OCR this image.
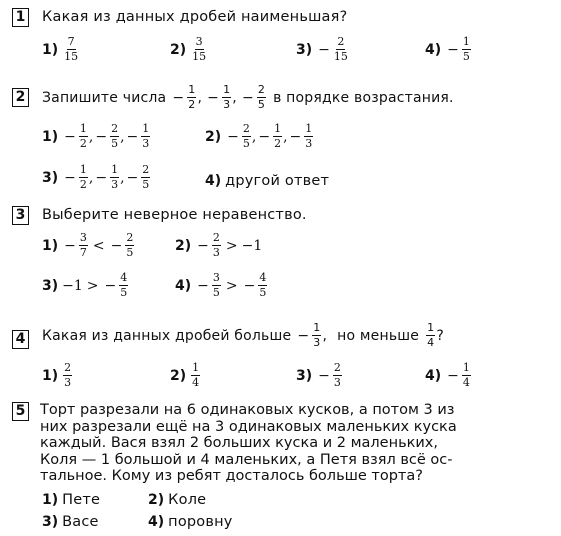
1 Какая из данных дробей наименьшая?
$1) \frac{7}{15}$	$2) \frac{3}{15}$	$3) - \frac{2}{15}$	$4) - \frac{1}{5}$
2 Запишите числа − $\frac{1}{2}$ , − $\frac{1}{3}$ , − $\frac{2}{5}$ в порядке возрастания.
$1) - \frac{1}{2}$ , − $\frac{2}{5}$ , − $\frac{1}{3}$	$2) - \frac{2}{5}$ , − $\frac{1}{2}$ , − $\frac{1}{3}$
$3) - \frac{1}{2}$ , − $\frac{1}{3}$ , − $\frac{2}{5}$	4) другой ответ
3 Выберите неверное неравенство.
$1) - \frac{3}{7}$ < − $\frac{2}{5}$	$2) - \frac{2}{3} > -1$
3) −1 > − $\frac{4}{5}$	$4) - \frac{3}{5}$ > − $\frac{4}{5}$
4 Какая из данных дробей больше − $\frac{1}{3}$ , но меньше $\frac{1}{4}$ ?
$1) \frac{2}{3}$	$2) \frac{1}{4}$	$3) - \frac{2}{3}$	$4) - \frac{1}{4}$
5 Торт разрезали на 6 одинаковых кусков, а потом 3 из
них разрезали ещё на 3 одинаковых маленьких куска
каждый. Вася взял 2 больших куска и 2 маленьких,
Коля — 1 большой и 4 маленьких, а Петя взял всё ос-
тальное. Кому из ребят досталось больше торта?
1) Пете	2) Коле
3) Васе	4) поровну
